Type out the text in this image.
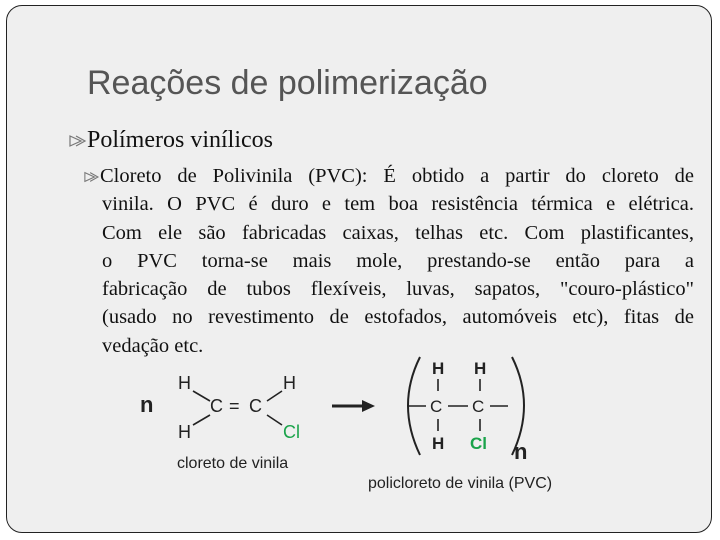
Reações de polimerização
Polímeros vinílicos
Cloreto de Polivinila (PVC): É obtido a partir do cloreto de
vinila. O PVC é duro e tem boa resistência térmica e elétrica.
Com ele são fabricadas caixas, telhas etc. Com plastificantes,
o PVC torna-se mais mole, prestando-se então para a
fabricação de tubos flexíveis, luvas, sapatos, "couro-plástico"
(usado no revestimento de estofados, automóveis etc), fitas de
vedação etc.
n
H	H
C = C
H	Cl
cloreto de vinila
H H
C C
H Cl n
policloreto de vinila (PVC)
